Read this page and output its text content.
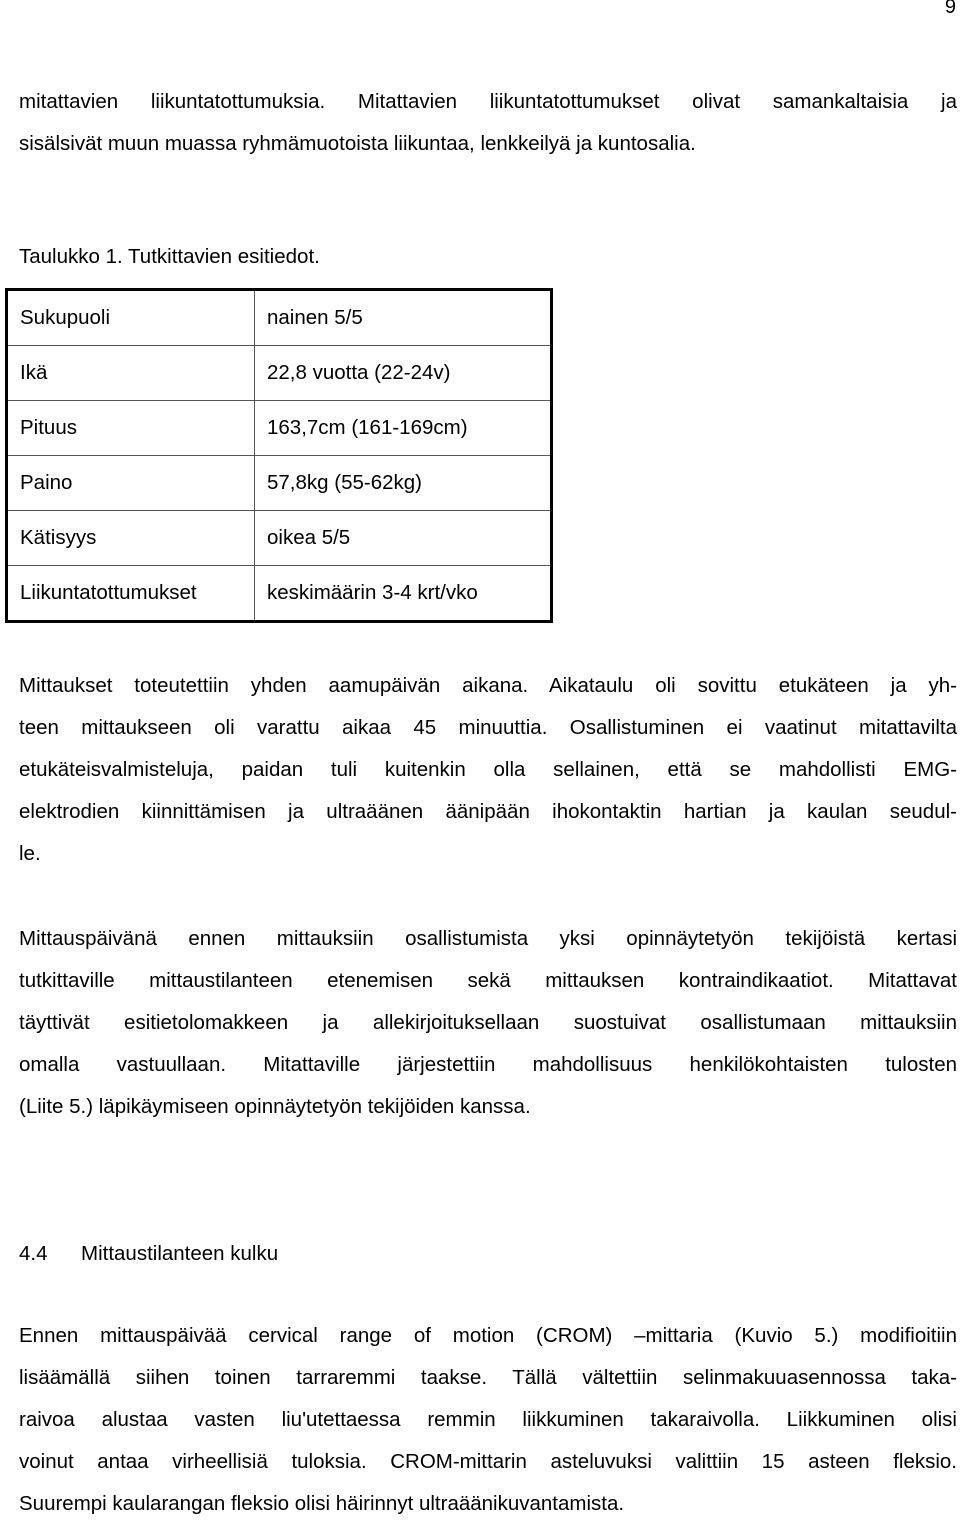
9
mitattavien liikuntatottumuksia. Mitattavien liikuntatottumukset olivat samankaltaisia ja
sisälsivät muun muassa ryhmämuotoista liikuntaa, lenkkeilyä ja kuntosalia.
Taulukko 1. Tutkittavien esitiedot.
Sukupuoli	nainen 5/5
Ikä	22,8 vuotta (22-24v)
Pituus	163,7cm (161-169cm)
Paino	57,8kg (55-62kg)
Kätisyys	oikea 5/5
Liikuntatottumukset	keskimäärin 3-4 krt/vko
Mittaukset toteutettiin yhden aamupäivän aikana. Aikataulu oli sovittu etukäteen ja yh-
teen mittaukseen oli varattu aikaa 45 minuuttia. Osallistuminen ei vaatinut mitattavilta
etukäteisvalmisteluja, paidan tuli kuitenkin olla sellainen, että se mahdollisti EMG-
elektrodien kiinnittämisen ja ultraäänen äänipään ihokontaktin hartian ja kaulan seudul-
le.
Mittauspäivänä ennen mittauksiin osallistumista yksi opinnäytetyön tekijöistä kertasi
tutkittaville mittaustilanteen etenemisen sekä mittauksen kontraindikaatiot. Mitattavat
täyttivät esitietolomakkeen ja allekirjoituksellaan suostuivat osallistumaan mittauksiin
omalla vastuullaan. Mitattaville järjestettiin mahdollisuus henkilökohtaisten tulosten
(Liite 5.) läpikäymiseen opinnäytetyön tekijöiden kanssa.
4.4 Mittaustilanteen kulku
Ennen mittauspäivää cervical range of motion (CROM) –mittaria (Kuvio 5.) modifioitiin
lisäämällä siihen toinen tarraremmi taakse. Tällä vältettiin selinmakuuasennossa taka-
raivoa alustaa vasten liu'utettaessa remmin liikkuminen takaraivolla. Liikkuminen olisi
voinut antaa virheellisiä tuloksia. CROM-mittarin asteluvuksi valittiin 15 asteen fleksio.
Suurempi kaularangan fleksio olisi häirinnyt ultraäänikuvantamista.
